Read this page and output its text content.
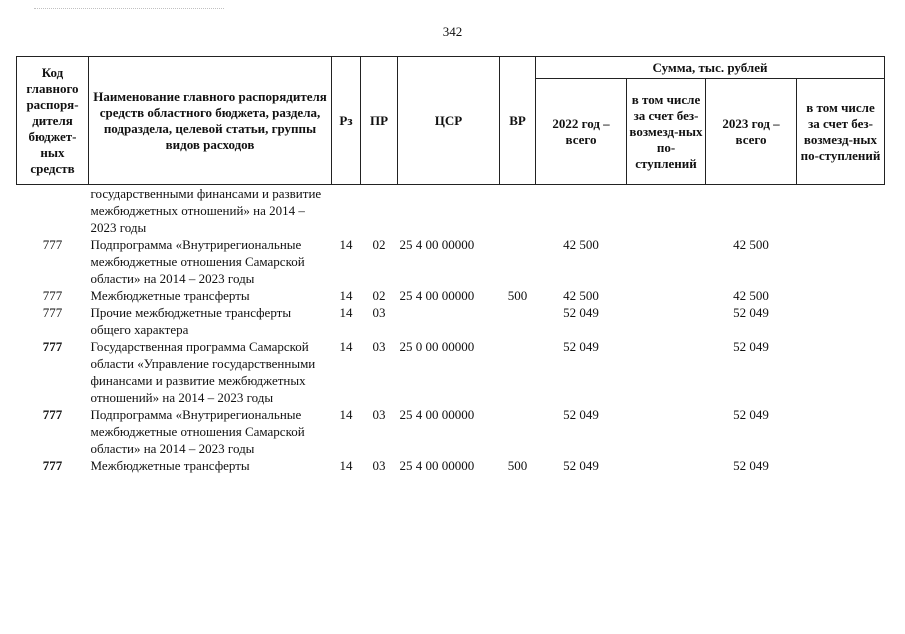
342
Код главного распоря-дителя бюджет-ных средств	Наименование главного распорядителя средств областного бюджета, раздела, подраздела, целевой статьи, группы видов расходов	Рз	ПР	ЦСР	ВР	Сумма, тыс. рублей			
						2022 год – всего	в том числе за счет без-возмезд-ных по-ступлений	2023 год – всего	в том числе за счет без-возмезд-ных по-ступлений
	государственными финансами и развитие межбюджетных отношений» на 2014 – 2023 годы								
777	Подпрограмма «Внутрирегиональные межбюджетные отношения Самарской области» на 2014 – 2023 годы	14	02	25 4 00 00000		42 500		42 500	
777	Межбюджетные трансферты	14	02	25 4 00 00000	500	42 500		42 500	
777	Прочие межбюджетные трансферты общего характера	14	03			52 049		52 049	
777	Государственная программа Самарской области «Управление государственными финансами и развитие межбюджетных отношений» на 2014 – 2023 годы	14	03	25 0 00 00000		52 049		52 049	
777	Подпрограмма «Внутрирегиональные межбюджетные отношения Самарской области» на 2014 – 2023 годы	14	03	25 4 00 00000		52 049		52 049	
777	Межбюджетные трансферты	14	03	25 4 00 00000	500	52 049		52 049	
